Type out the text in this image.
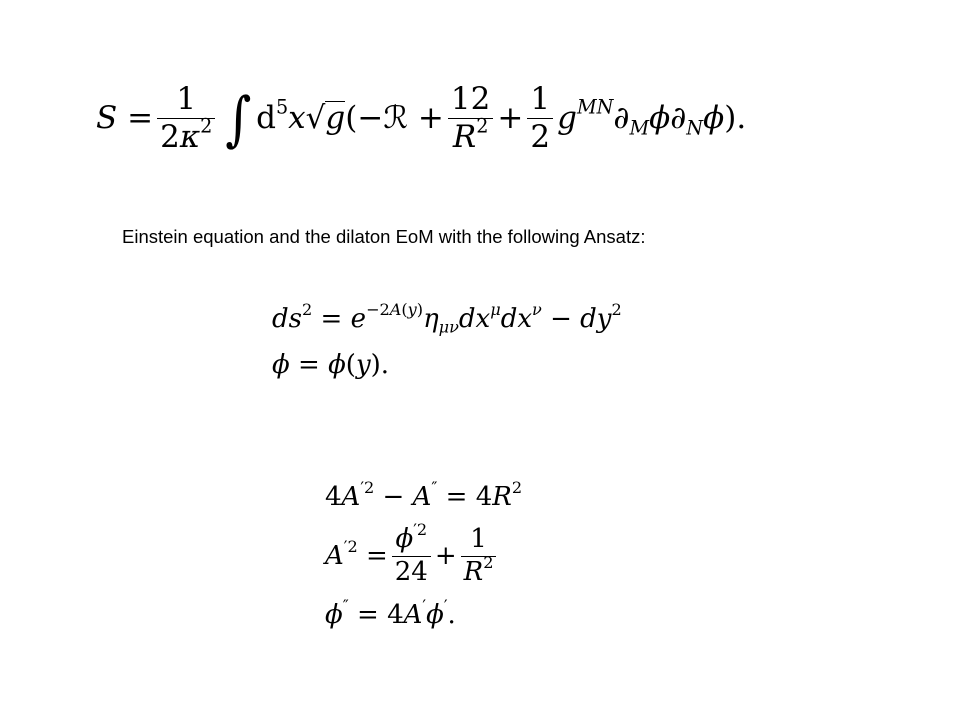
$S = \frac{1}{2\kappa^2}$ ∫ $d^5x$ √g (−ℛ + $\frac{12}{R^2} + \frac{1}{2} g^{MN}\partial_M\phi\partial_N\phi$).
Einstein equation and the dilaton EoM with the following Ansatz:
$ds^2 = e^{-2A(y)}\eta_{\mu\nu}dx^\mu dx^\nu - dy^2$
ϕ = ϕ(y).
$4A^{'2} - A'' = 4R^2$
$A^{'2} = \frac{\phi^{'2}}{24} + \frac{1}{R^2}$
ϕ″ = 4A′ϕ′.
